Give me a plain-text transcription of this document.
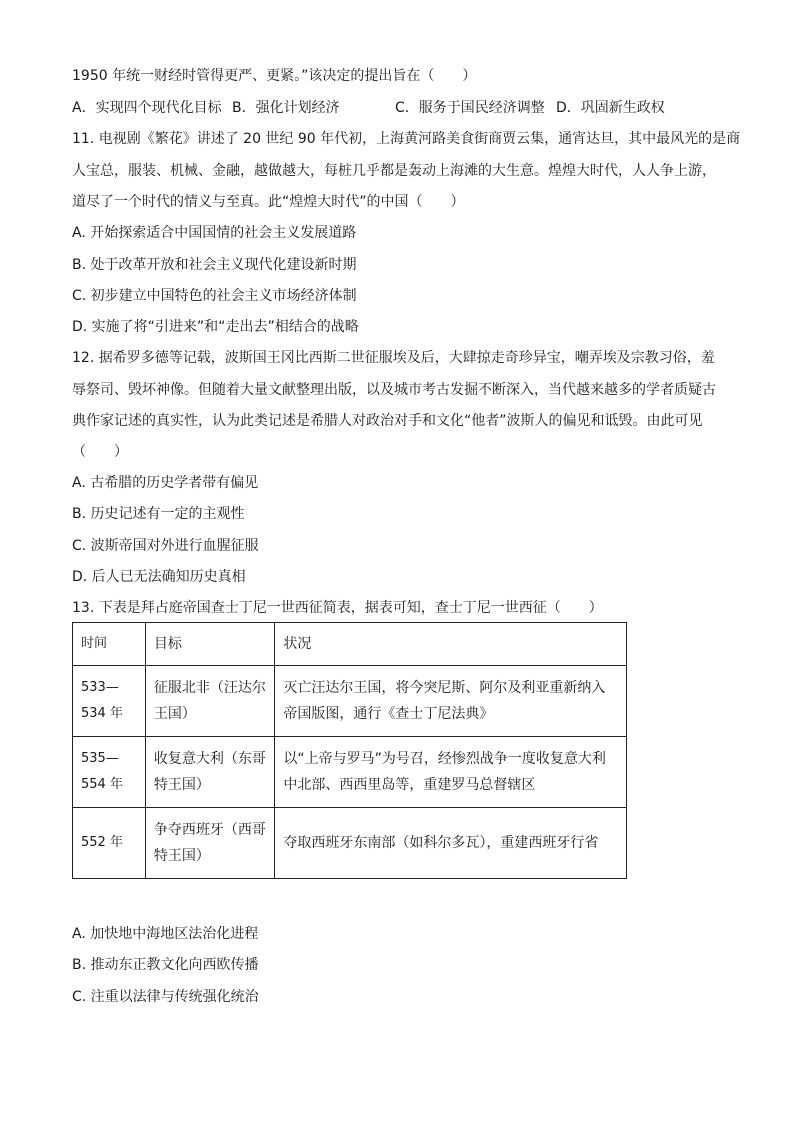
1950 年统一财经时管得更严、更紧。”该决定的提出旨在（　　）
A．实现四个现代化目标 B．强化计划经济	C．服务于国民经济调整 D．巩固新生政权
11. 电视剧《繁花》讲述了 20 世纪 90 年代初，上海黄河路美食街商贾云集，通宵达旦，其中最风光的是商
人宝总，服装、机械、金融，越做越大，每桩几乎都是轰动上海滩的大生意。煌煌大时代，人人争上游，
道尽了一个时代的情义与至真。此“煌煌大时代”的中国（　　）
A. 开始探索适合中国国情的社会主义发展道路
B. 处于改革开放和社会主义现代化建设新时期
C. 初步建立中国特色的社会主义市场经济体制
D. 实施了将“引进来”和“走出去”相结合的战略
12. 据希罗多德等记载，波斯国王冈比西斯二世征服埃及后，大肆掠走奇珍异宝，嘲弄埃及宗教习俗，羞
辱祭司、毁坏神像。但随着大量文献整理出版，以及城市考古发掘不断深入，当代越来越多的学者质疑古
典作家记述的真实性，认为此类记述是希腊人对政治对手和文化“他者”波斯人的偏见和诋毁。由此可见
（　　）
A. 古希腊的历史学者带有偏见
B. 历史记述有一定的主观性
C. 波斯帝国对外进行血腥征服
D. 后人已无法确知历史真相
13. 下表是拜占庭帝国查士丁尼一世西征简表，据表可知，查士丁尼一世西征（　　）
时间	目标	状况
533—534 年	征服北非（汪达尔王国）	灭亡汪达尔王国，将今突尼斯、阿尔及利亚重新纳入帝国版图，通行《查士丁尼法典》
535—554 年	收复意大利（东哥特王国）	以“上帝与罗马”为号召，经惨烈战争一度收复意大利中北部、西西里岛等，重建罗马总督辖区
552 年	争夺西班牙（西哥特王国）	夺取西班牙东南部（如科尔多瓦），重建西班牙行省
A. 加快地中海地区法治化进程
B. 推动东正教文化向西欧传播
C. 注重以法律与传统强化统治
